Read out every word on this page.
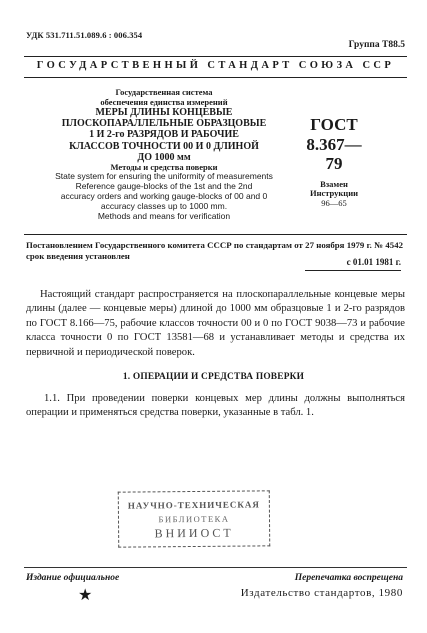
УДК 531.711.51.089.6 : 006.354
Группа Т88.5
ГОСУДАРСТВЕННЫЙ СТАНДАРТ СОЮЗА ССР
Государственная система
обеспечения единства измерений
МЕРЫ ДЛИНЫ КОНЦЕВЫЕ
ПЛОСКОПАРАЛЛЕЛЬНЫЕ ОБРАЗЦОВЫЕ
1 И 2-го РАЗРЯДОВ И РАБОЧИЕ
КЛАССОВ ТОЧНОСТИ 00 И 0 ДЛИНОЙ
ДО 1000 мм
Методы и средства поверки
State system for ensuring the uniformity of measurements
Reference gauge-blocks of the 1st and the 2nd
accuracy orders and working gauge-blocks of 00 and 0
accuracy classes up to 1000 mm.
Methods and means for verification
ГОСТ
8.367—79
Взамен
Инструкции
96—65
Постановлением Государственного комитета СССР по стандартам от 27 ноября 1979 г. № 4542 срок введения установлен
с 01.01 1981 г.
Настоящий стандарт распространяется на плоскопараллельные концевые меры длины (далее — концевые меры) длиной до 1000 мм образцовые 1 и 2-го разрядов по ГОСТ 8.166—75, рабочие классов точности 00 и 0 по ГОСТ 9038—73 и рабочие класса точности 0 по ГОСТ 13581—68 и устанавливает методы и средства их первичной и периодической поверок.
1. ОПЕРАЦИИ И СРЕДСТВА ПОВЕРКИ
1.1. При проведении поверки концевых мер длины должны выполняться операции и применяться средства поверки, указанные в табл. 1.
НАУЧНО-ТЕХНИЧЕСКАЯ
БИБЛИОТЕКА
ВНИИОСТ
Издание официальное	Перепечатка воспрещена
★	Издательство стандартов, 1980
